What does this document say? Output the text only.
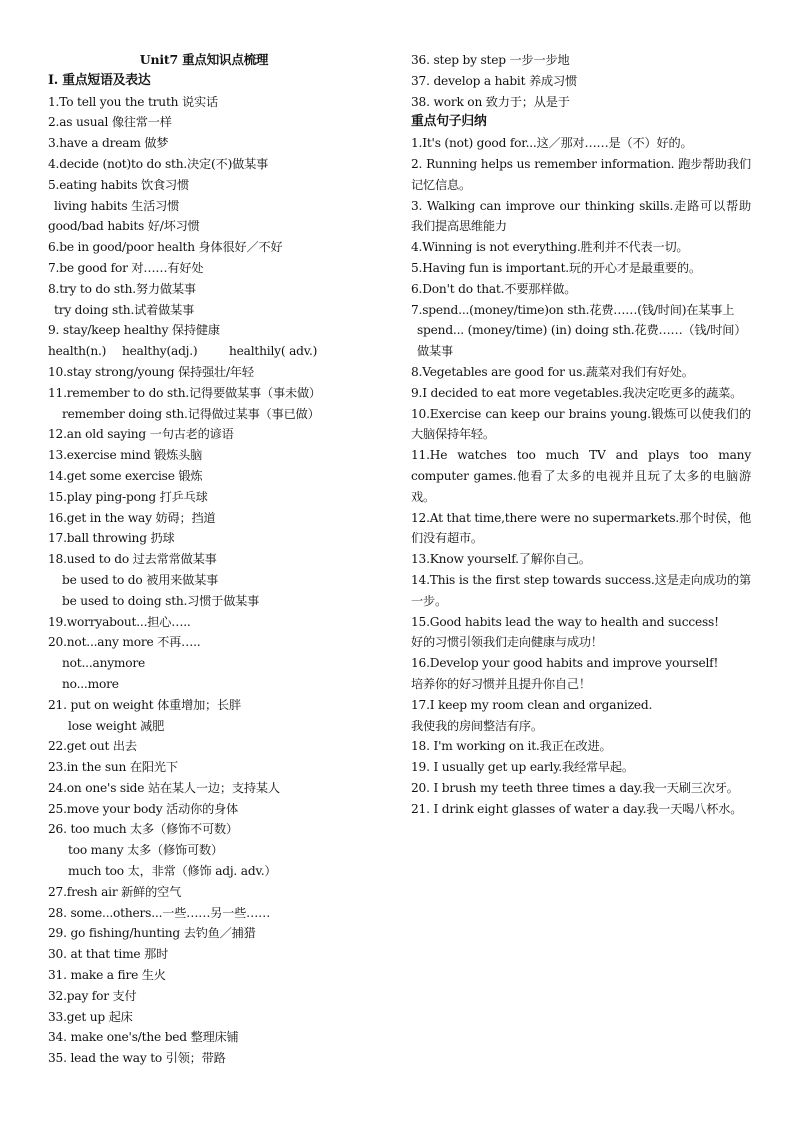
Unit7 重点知识点梳理
I. 重点短语及表达
1.To tell you the truth 说实话
2.as usual 像往常一样
3.have a dream 做梦
4.decide (not)to do sth.决定(不)做某事
5.eating habits 饮食习惯
living habits 生活习惯
good/bad habits 好/坏习惯
6.be in good/poor health 身体很好／不好
7.be good for 对……有好处
8.try to do sth.努力做某事
try doing sth.试着做某事
9. stay/keep healthy 保持健康
health(n.)	healthy(adj.)	healthily( adv.)
10.stay strong/young 保持强壮/年轻
11.remember to do sth.记得要做某事（事未做）
remember doing sth.记得做过某事（事已做）
12.an old saying 一句古老的谚语
13.exercise mind 锻炼头脑
14.get some exercise 锻炼
15.play ping-pong 打乒乓球
16.get in the way 妨碍；挡道
17.ball throwing 扔球
18.used to do 过去常常做某事
be used to do 被用来做某事
be used to doing sth.习惯于做某事
19.worryabout...担心…..
20.not...any more 不再…..
not...anymore
no...more
21. put on weight 体重增加；长胖
lose weight 减肥
22.get out 出去
23.in the sun 在阳光下
24.on one's side 站在某人一边；支持某人
25.move your body 活动你的身体
26. too much 太多（修饰不可数）
too many 太多（修饰可数）
much too 太，非常（修饰 adj. adv.）
27.fresh air 新鲜的空气
28. some...others...一些……另一些……
29. go fishing/hunting 去钓鱼／捕猎
30. at that time 那时
31. make a fire 生火
32.pay for 支付
33.get up 起床
34. make one's/the bed 整理床铺
35. lead the way to 引领；带路
36. step by step 一步一步地
37. develop a habit 养成习惯
38. work on 致力于；从是于
重点句子归纳
1.It's (not) good for...这／那对……是（不）好的。
2. Running helps us remember information. 跑步帮助我们记忆信息。
3. Walking can improve our thinking skills.走路可以帮助我们提高思维能力
4.Winning is not everything.胜利并不代表一切。
5.Having fun is important.玩的开心才是最重要的。
6.Don't do that.不要那样做。
7.spend...(money/time)on sth.花费……(钱/时间)在某事上
spend... (money/time) (in) doing sth.花费……（钱/时间）做某事
8.Vegetables are good for us.蔬菜对我们有好处。
9.I decided to eat more vegetables.我决定吃更多的蔬菜。
10.Exercise can keep our brains young.锻炼可以使我们的大脑保持年轻。
11.He watches too much TV and plays too many computer games.他看了太多的电视并且玩了太多的电脑游戏。
12.At that time,there were no supermarkets.那个时侯，他们没有超市。
13.Know yourself.了解你自己。
14.This is the first step towards success.这是走向成功的第一步。
15.Good habits lead the way to health and success!
好的习惯引领我们走向健康与成功！
16.Develop your good habits and improve yourself!
培养你的好习惯并且提升你自己！
17.I keep my room clean and organized.
我使我的房间整洁有序。
18. I'm working on it.我正在改进。
19. I usually get up early.我经常早起。
20. I brush my teeth three times a day.我一天刷三次牙。
21. I drink eight glasses of water a day.我一天喝八杯水。
